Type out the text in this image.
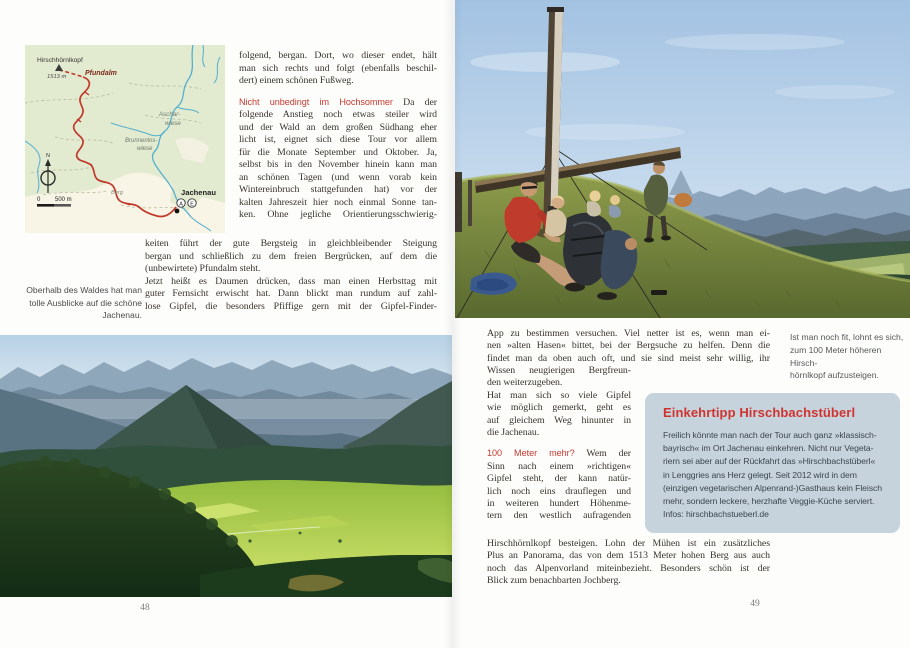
Hirschhörnlkopf
1513 m	Pfundalm
Aschar-
wiese
Brunnenlos-
wiese
Berg	Jachenau
A E
N
0 500 m
folgend, bergan. Dort, wo dieser endet, hält
man sich rechts und folgt (ebenfalls beschil-
dert) einem schönen Fußweg.
Nicht unbedingt im Hochsommer Da der
folgende Anstieg noch etwas steiler wird
und der Wald an dem großen Südhang eher
licht ist, eignet sich diese Tour vor allem
für die Monate September und Oktober. Ja,
selbst bis in den November hinein kann man
an schönen Tagen (und wenn vorab kein
Wintereinbruch stattgefunden hat) vor der
kalten Jahreszeit hier noch einmal Sonne tan-
ken. Ohne jegliche Orientierungsschwierig-
keiten führt der gute Bergsteig in gleichbleibender Steigung
bergan und schließlich zu dem freien Bergrücken, auf dem die
(unbewirtete) Pfundalm steht.
Jetzt heißt es Daumen drücken, dass man einen Herbsttag mit
guter Fernsicht erwischt hat. Dann blickt man rundum auf zahl-
lose Gipfel, die besonders Pfiffige gern mit der Gipfel-Finder-
Oberhalb des Waldes hat man
tolle Ausblicke auf die schöne
Jachenau.
48
App zu bestimmen versuchen. Viel netter ist es, wenn man ei-
nen »alten Hasen« bittet, bei der Bergsuche zu helfen. Denn die
findet man da oben auch oft, und sie sind meist sehr willig, ihr
Wissen neugierigen Bergfreun-
den weiterzugeben.
Hat man sich so viele Gipfel
wie möglich gemerkt, geht es
auf gleichem Weg hinunter in
die Jachenau.
100 Meter mehr? Wem der
Sinn nach einem »richtigen«
Gipfel steht, der kann natür-
lich noch eins drauflegen und
in weiteren hundert Höhenme-
tern den westlich aufragenden
Hirschhörnlkopf besteigen. Lohn der Mühen ist ein zusätzliches
Plus an Panorama, das von dem 1513 Meter hohen Berg aus auch
noch das Alpenvorland miteinbezieht. Besonders schön ist der
Blick zum benachbarten Jochberg.
Ist man noch fit, lohnt es sich,
zum 100 Meter höheren Hirsch-
hörnlkopf aufzusteigen.
Einkehrtipp Hirschbachstüberl
Freilich könnte man nach der Tour auch ganz »klassisch-
bayrisch« im Ort Jachenau einkehren. Nicht nur Vegeta-
riern sei aber auf der Rückfahrt das »Hirschbachstüberl«
in Lenggries ans Herz gelegt. Seit 2012 wird in dem
(einzigen vegetarischen Alpenrand-)Gasthaus kein Fleisch
mehr, sondern leckere, herzhafte Veggie-Küche serviert.
Infos: hirschbachstueberl.de
49
